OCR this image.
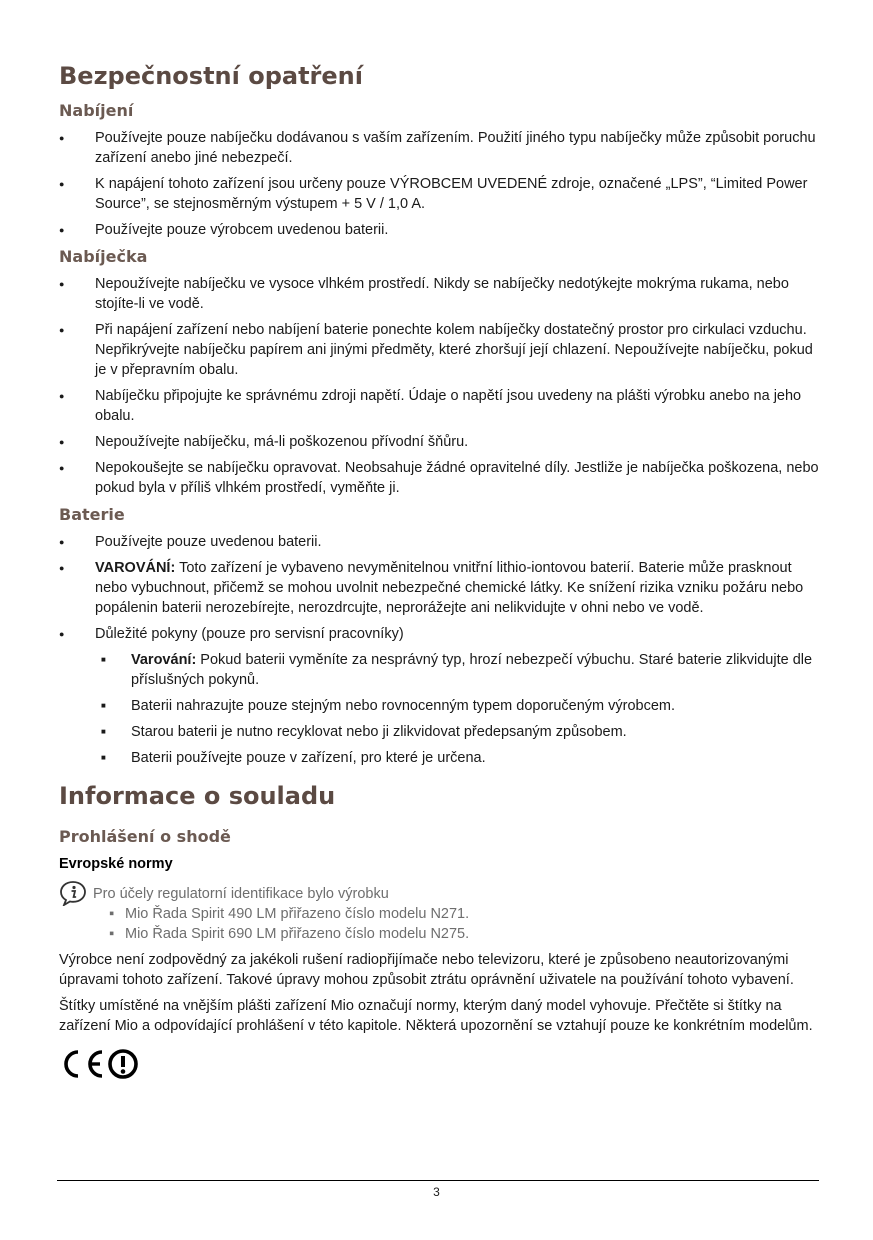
Bezpečnostní opatření
Nabíjení
● Používejte pouze nabíječku dodávanou s vaším zařízením. Použití jiného typu nabíječky může způsobit poruchu zařízení anebo jiné nebezpečí.
● K napájení tohoto zařízení jsou určeny pouze VÝROBCEM UVEDENÉ zdroje, označené „LPS”, “Limited Power Source”, se stejnosměrným výstupem + 5 V / 1,0 A.
● Používejte pouze výrobcem uvedenou baterii.
Nabíječka
● Nepoužívejte nabíječku ve vysoce vlhkém prostředí. Nikdy se nabíječky nedotýkejte mokrýma rukama, nebo stojíte-li ve vodě.
● Při napájení zařízení nebo nabíjení baterie ponechte kolem nabíječky dostatečný prostor pro cirkulaci vzduchu. Nepřikrývejte nabíječku papírem ani jinými předměty, které zhoršují její chlazení. Nepoužívejte nabíječku, pokud je v přepravním obalu.
● Nabíječku připojujte ke správnému zdroji napětí. Údaje o napětí jsou uvedeny na plášti výrobku anebo na jeho obalu.
● Nepoužívejte nabíječku, má-li poškozenou přívodní šňůru.
● Nepokoušejte se nabíječku opravovat. Neobsahuje žádné opravitelné díly. Jestliže je nabíječka poškozena, nebo pokud byla v příliš vlhkém prostředí, vyměňte ji.
Baterie
● Používejte pouze uvedenou baterii.
● VAROVÁNÍ: Toto zařízení je vybaveno nevyměnitelnou vnitřní lithio-iontovou baterií. Baterie může prasknout nebo vybuchnout, přičemž se mohou uvolnit nebezpečné chemické látky. Ke snížení rizika vzniku požáru nebo popálenin baterii nerozebírejte, nerozdrcujte, neprorážejte ani nelikvidujte v ohni nebo ve vodě.
● Důležité pokyny (pouze pro servisní pracovníky)
■ Varování: Pokud baterii vyměníte za nesprávný typ, hrozí nebezpečí výbuchu. Staré baterie zlikvidujte dle příslušných pokynů.
■ Baterii nahrazujte pouze stejným nebo rovnocenným typem doporučeným výrobcem.
■ Starou baterii je nutno recyklovat nebo ji zlikvidovat předepsaným způsobem.
■ Baterii používejte pouze v zařízení, pro které je určena.
Informace o souladu
Prohlášení o shodě
Evropské normy
Pro účely regulatorní identifikace bylo výrobku
▪ Mio Řada Spirit 490 LM přiřazeno číslo modelu N271.
▪ Mio Řada Spirit 690 LM přiřazeno číslo modelu N275.

Výrobce není zodpovědný za jakékoli rušení radiopřijímače nebo televizoru, které je způsobeno neautorizovanými úpravami tohoto zařízení. Takové úpravy mohou způsobit ztrátu oprávnění uživatele na používání tohoto vybavení.

Štítky umístěné na vnějším plášti zařízení Mio označují normy, kterým daný model vyhovuje. Přečtěte si štítky na zařízení Mio a odpovídající prohlášení v této kapitole. Některá upozornění se vztahují pouze ke konkrétním modelům.

3
